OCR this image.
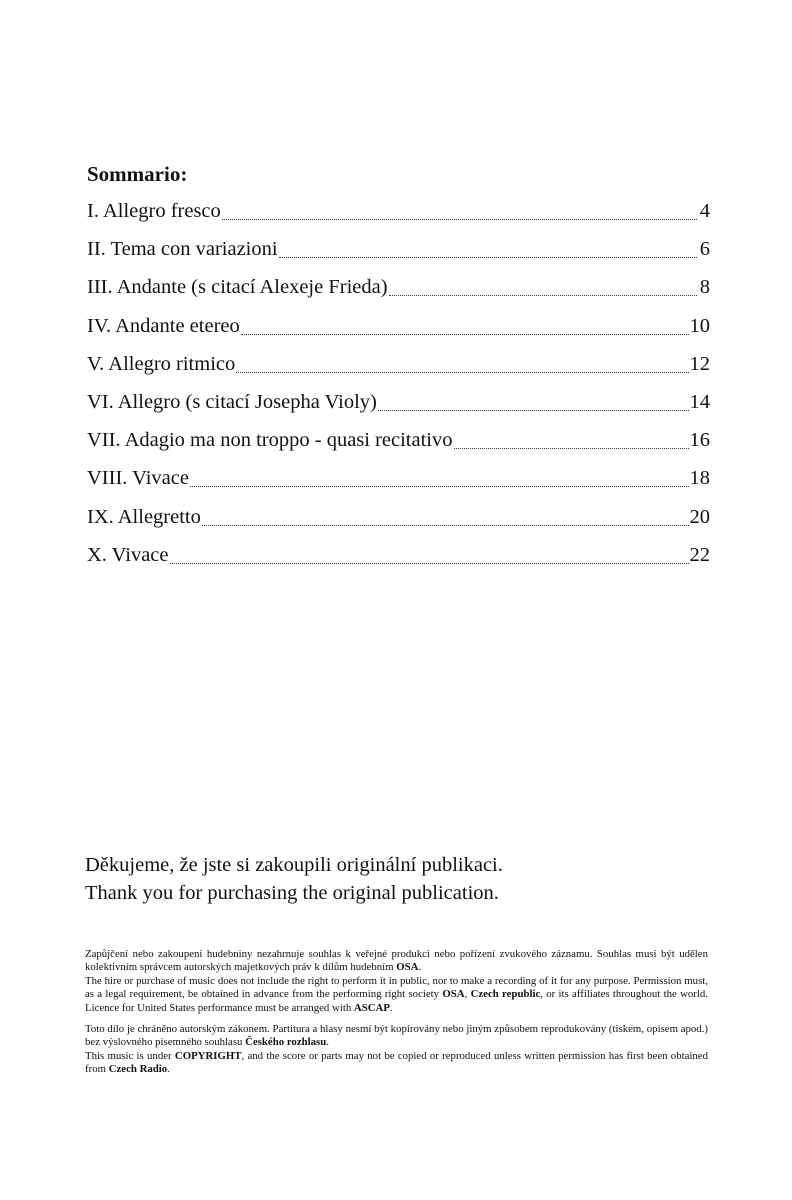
Sommario:
I. Allegro fresco	4
II. Tema con variazioni	6
III. Andante (s citací Alexeje Frieda)	8
IV. Andante etereo	10
V. Allegro ritmico	12
VI. Allegro (s citací Josepha Violy)	14
VII. Adagio ma non troppo - quasi recitativo	16
VIII. Vivace	18
IX. Allegretto	20
X. Vivace	22
Děkujeme, že jste si zakoupili originální publikaci.
Thank you for purchasing the original publication.

Zapůjčení nebo zakoupení hudebniny nezahrnuje souhlas k veřejné produkci nebo pořízení zvukového záznamu. Souhlas musí být udělen kolektivním správcem autorských majetkových práv k dílům hudebním OSA.

The hire or purchase of music does not include the right to perform it in public, nor to make a recording of it for any purpose. Permission must, as a legal requirement, be obtained in advance from the performing right society OSA, Czech republic, or its affiliates throughout the world. Licence for United States performance must be arranged with ASCAP.

Toto dílo je chráněno autorským zákonem. Partitura a hlasy nesmí být kopírovány nebo jiným způsobem reprodukovány (tiskem, opisem apod.) bez výslovného písemného souhlasu Českého rozhlasu.

This music is under COPYRIGHT, and the score or parts may not be copied or reproduced unless written permission has first been obtained from Czech Radio.
